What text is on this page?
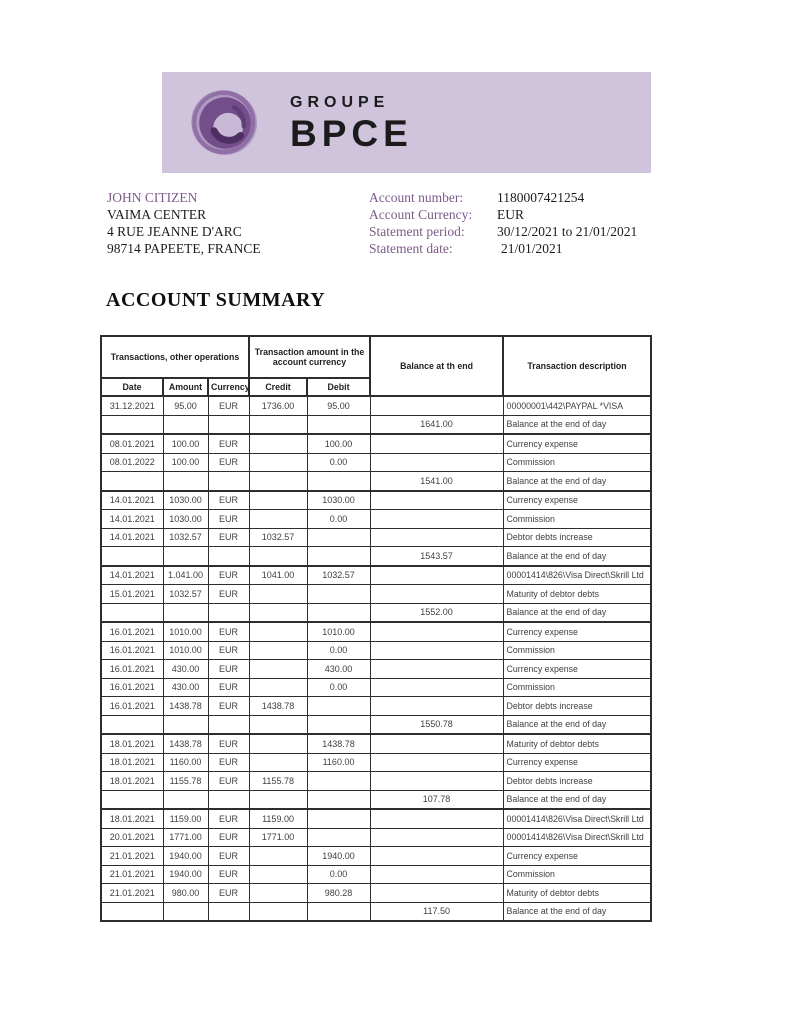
GROUPE
BPCE
JOHN CITIZEN
VAIMA CENTER
4 RUE JEANNE D'ARC
98714 PAPEETE, FRANCE
Account number:	1180007421254
Account Currency:	EUR
Statement period:	30/12/2021 to 21/01/2021
Statement date:	21/01/2021
ACCOUNT SUMMARY
Transactions, other operations			Transaction amount in the account currency		Balance at th end	Transaction description
Date	Amount	Currency	Credit	Debit		
31.12.2021	95.00	EUR	1736.00	95.00		00000001\442\PAYPAL *VISA
					1641.00	Balance at the end of day
08.01.2021	100.00	EUR		100.00		Currency expense
08.01.2022	100.00	EUR		0.00		Commission
					1541.00	Balance at the end of day
14.01.2021	1030.00	EUR		1030.00		Currency expense
14.01.2021	1030.00	EUR		0.00		Commission
14.01.2021	1032.57	EUR	1032.57			Debtor debts increase
					1543.57	Balance at the end of day
14.01.2021	1.041.00	EUR	1041.00	1032.57		00001414\826\Visa Direct\Skrill Ltd
15.01.2021	1032.57	EUR				Maturity of debtor debts
					1552.00	Balance at the end of day
16.01.2021	1010.00	EUR		1010.00		Currency expense
16.01.2021	1010.00	EUR		0.00		Commission
16.01.2021	430.00	EUR		430.00		Currency expense
16.01.2021	430.00	EUR		0.00		Commission
16.01.2021	1438.78	EUR	1438.78			Debtor debts increase
					1550.78	Balance at the end of day
18.01.2021	1438.78	EUR		1438.78		Maturity of debtor debts
18.01.2021	1160.00	EUR		1160.00		Currency expense
18.01.2021	1155.78	EUR	1155.78			Debtor debts increase
					107.78	Balance at the end of day
18.01.2021	1159.00	EUR	1159.00			00001414\826\Visa Direct\Skrill Ltd
20.01.2021	1771.00	EUR	1771.00			00001414\826\Visa Direct\Skrill Ltd
21.01.2021	1940.00	EUR		1940.00		Currency expense
21.01.2021	1940.00	EUR		0.00		Commission
21.01.2021	980.00	EUR		980.28		Maturity of debtor debts
					117.50	Balance at the end of day
